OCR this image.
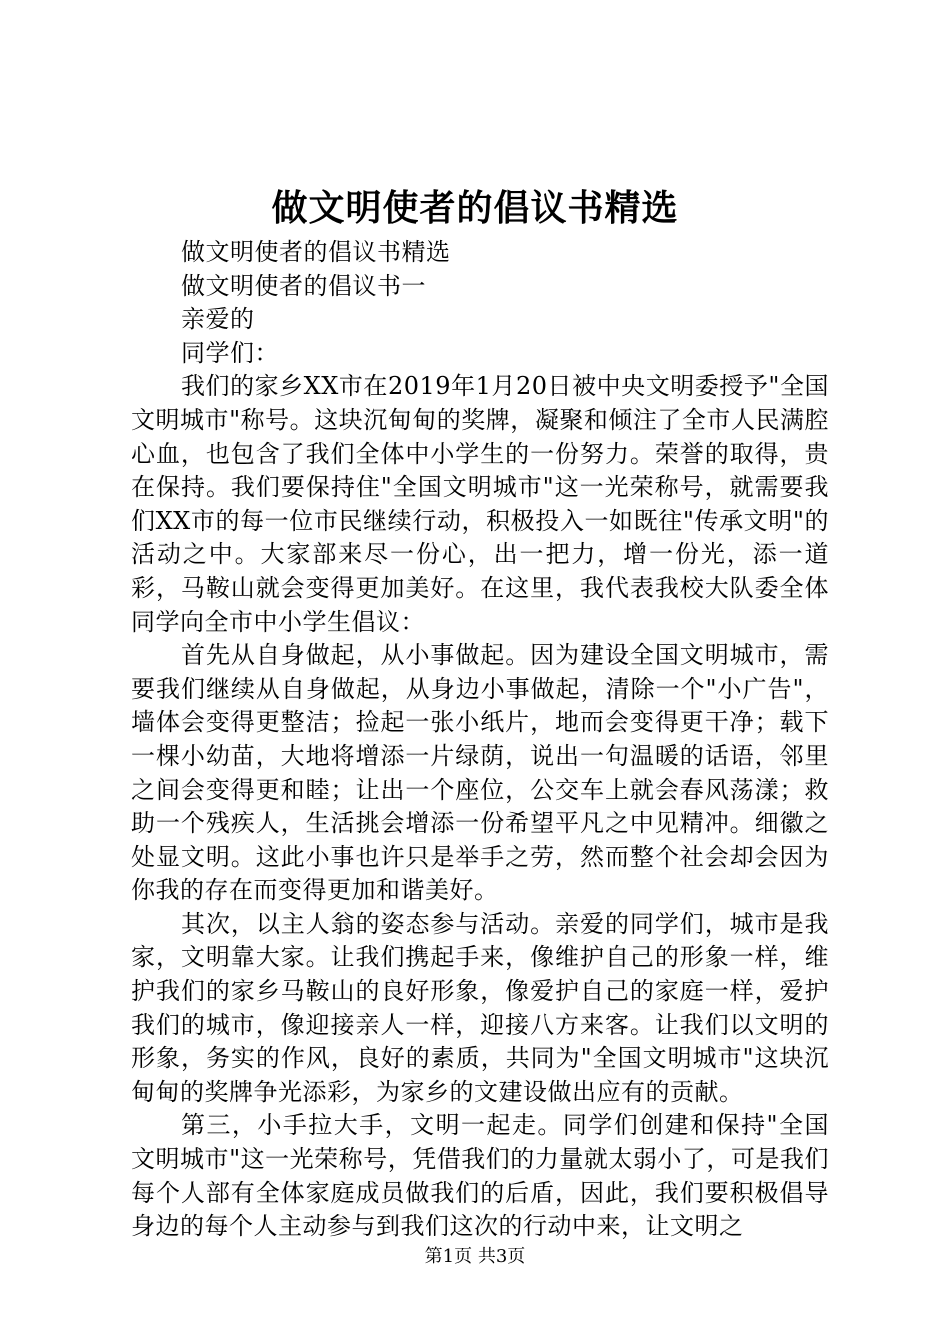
做文明使者的倡议书精选

做文明使者的倡议书精选

做文明使者的倡议书一

亲爱的

同学们：

我们的家乡XX市在2019年1月20日被中央文明委授予"全国文明城市"称号。这块沉甸甸的奖牌，凝聚和倾注了全市人民满腔心血，也包含了我们全体中小学生的一份努力。荣誉的取得，贵在保持。我们要保持住"全国文明城市"这一光荣称号，就需要我们XX市的每一位市民继续行动，积极投入一如既往"传承文明"的活动之中。大家部来尽一份心，出一把力，增一份光，添一道彩，马鞍山就会变得更加美好。在这里，我代表我校大队委全体同学向全市中小学生倡议：

首先从自身做起，从小事做起。因为建设全国文明城市，需要我们继续从自身做起，从身边小事做起，清除一个"小广告"，墙体会变得更整洁；捡起一张小纸片，地而会变得更干净；载下一棵小幼苗，大地将增添一片绿荫，说出一句温暖的话语，邻里之间会变得更和睦；让出一个座位，公交车上就会春风荡漾；救助一个残疾人，生活挑会增添一份希望平凡之中见精冲。细徽之处显文明。这此小事也许只是举手之劳，然而整个社会却会因为你我的存在而变得更加和谐美好。

其次，以主人翁的姿态参与活动。亲爱的同学们，城市是我家，文明靠大家。让我们携起手来，像维护自己的形象一样，维护我们的家乡马鞍山的良好形象，像爱护自己的家庭一样，爱护我们的城市，像迎接亲人一样，迎接八方来客。让我们以文明的形象，务实的作风，良好的素质，共同为"全国文明城市"这块沉甸甸的奖牌争光添彩，为家乡的文建设做出应有的贡献。

第三，小手拉大手，文明一起走。同学们创建和保持"全国文明城市"这一光荣称号，凭借我们的力量就太弱小了，可是我们每个人部有全体家庭成员做我们的后盾，因此，我们要积极倡导身边的每个人主动参与到我们这次的行动中来，让文明之

第1页 共3页
